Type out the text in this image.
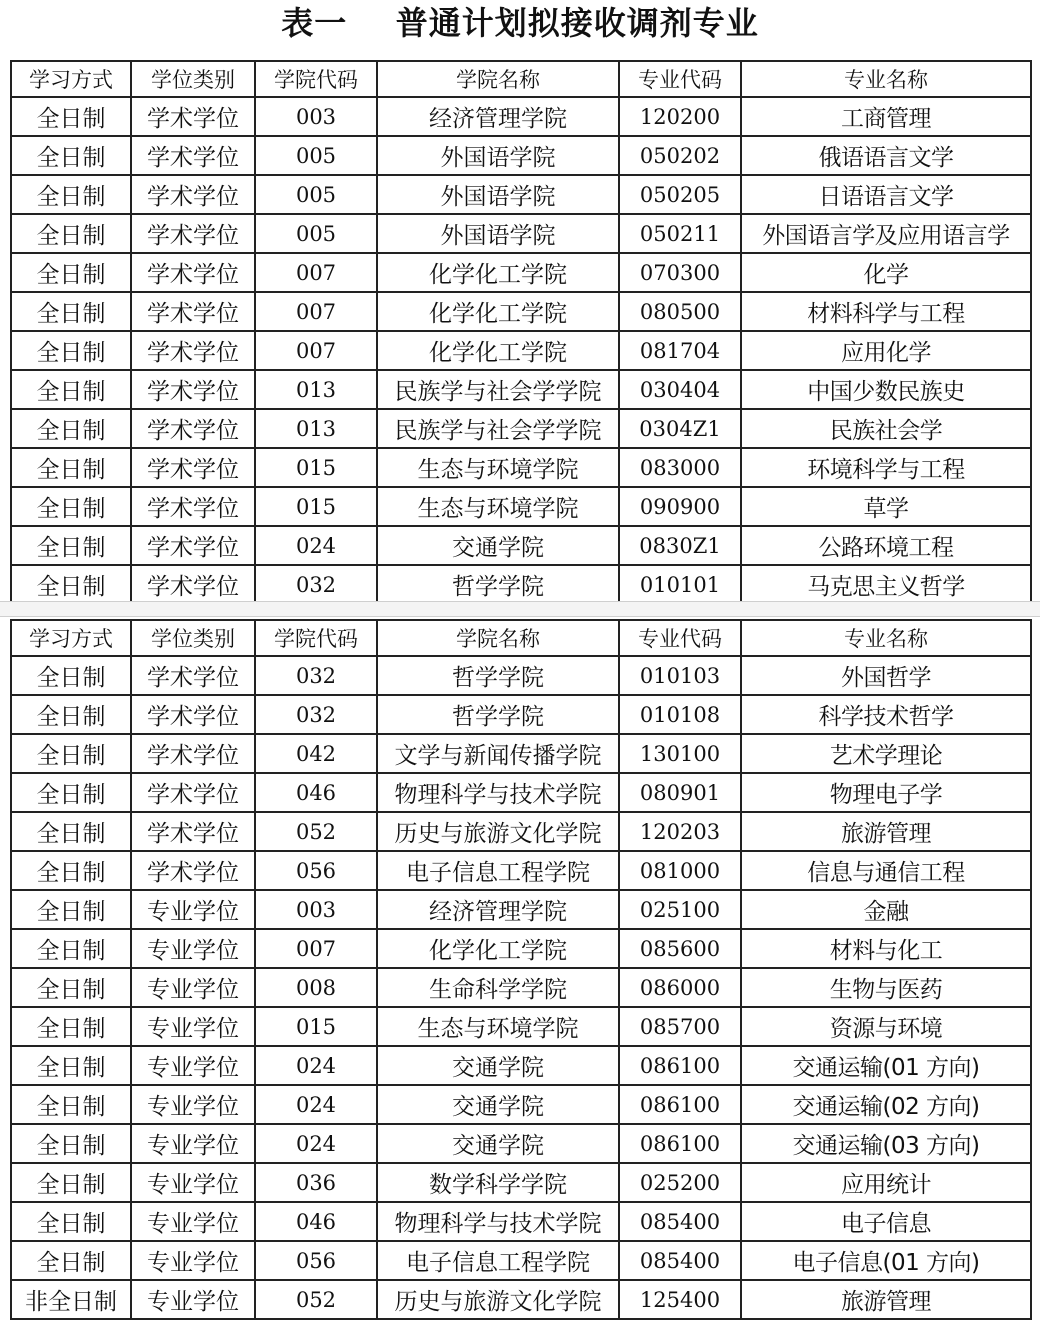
表一    普通计划拟接收调剂专业
学习方式	学位类别	学院代码	学院名称	专业代码	专业名称
全日制	学术学位	003	经济管理学院	120200	工商管理
全日制	学术学位	005	外国语学院	050202	俄语语言文学
全日制	学术学位	005	外国语学院	050205	日语语言文学
全日制	学术学位	005	外国语学院	050211	外国语言学及应用语言学
全日制	学术学位	007	化学化工学院	070300	化学
全日制	学术学位	007	化学化工学院	080500	材料科学与工程
全日制	学术学位	007	化学化工学院	081704	应用化学
全日制	学术学位	013	民族学与社会学学院	030404	中国少数民族史
全日制	学术学位	013	民族学与社会学学院	0304Z1	民族社会学
全日制	学术学位	015	生态与环境学院	083000	环境科学与工程
全日制	学术学位	015	生态与环境学院	090900	草学
全日制	学术学位	024	交通学院	0830Z1	公路环境工程
全日制	学术学位	032	哲学学院	010101	马克思主义哲学
学习方式	学位类别	学院代码	学院名称	专业代码	专业名称
全日制	学术学位	032	哲学学院	010103	外国哲学
全日制	学术学位	032	哲学学院	010108	科学技术哲学
全日制	学术学位	042	文学与新闻传播学院	130100	艺术学理论
全日制	学术学位	046	物理科学与技术学院	080901	物理电子学
全日制	学术学位	052	历史与旅游文化学院	120203	旅游管理
全日制	学术学位	056	电子信息工程学院	081000	信息与通信工程
全日制	专业学位	003	经济管理学院	025100	金融
全日制	专业学位	007	化学化工学院	085600	材料与化工
全日制	专业学位	008	生命科学学院	086000	生物与医药
全日制	专业学位	015	生态与环境学院	085700	资源与环境
全日制	专业学位	024	交通学院	086100	交通运输(01 方向)
全日制	专业学位	024	交通学院	086100	交通运输(02 方向)
全日制	专业学位	024	交通学院	086100	交通运输(03 方向)
全日制	专业学位	036	数学科学学院	025200	应用统计
全日制	专业学位	046	物理科学与技术学院	085400	电子信息
全日制	专业学位	056	电子信息工程学院	085400	电子信息(01 方向)
非全日制	专业学位	052	历史与旅游文化学院	125400	旅游管理
